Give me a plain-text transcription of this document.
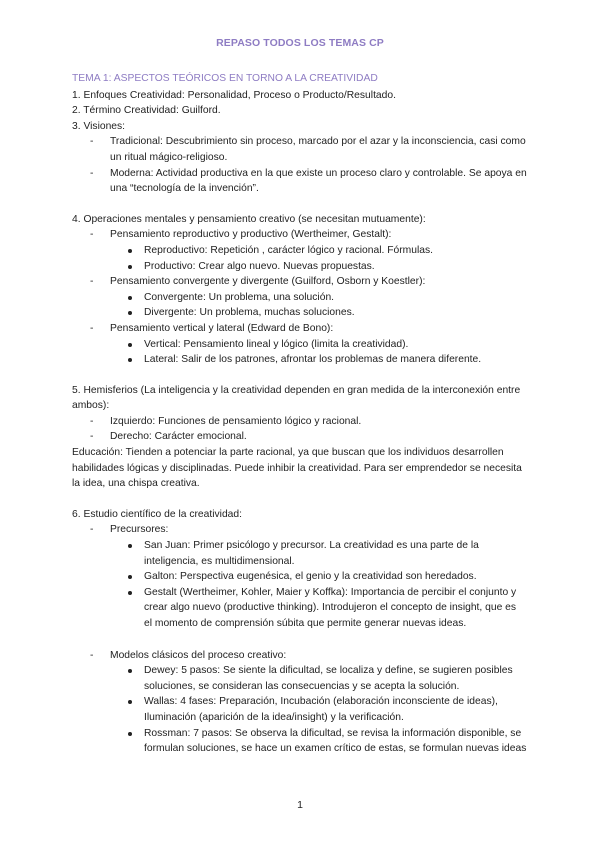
REPASO TODOS LOS TEMAS CP
TEMA 1: ASPECTOS TEÓRICOS EN TORNO A LA CREATIVIDAD
1. Enfoques Creatividad: Personalidad, Proceso o Producto/Resultado.
2. Término Creatividad: Guilford.
3. Visiones:
- Tradicional: Descubrimiento sin proceso, marcado por el azar y la inconsciencia, casi como
un ritual mágico-religioso.
- Moderna: Actividad productiva en la que existe un proceso claro y controlable. Se apoya en
una “tecnología de la invención”.
4. Operaciones mentales y pensamiento creativo (se necesitan mutuamente):
- Pensamiento reproductivo y productivo (Wertheimer, Gestalt):
Reproductivo: Repetición , carácter lógico y racional. Fórmulas.
Productivo: Crear algo nuevo. Nuevas propuestas.
- Pensamiento convergente y divergente (Guilford, Osborn y Koestler):
Convergente: Un problema, una solución.
Divergente: Un problema, muchas soluciones.
- Pensamiento vertical y lateral (Edward de Bono):
Vertical: Pensamiento lineal y lógico (limita la creatividad).
Lateral: Salir de los patrones, afrontar los problemas de manera diferente.
5. Hemisferios (La inteligencia y la creatividad dependen en gran medida de la interconexión entre
ambos):
- Izquierdo: Funciones de pensamiento lógico y racional.
- Derecho: Carácter emocional.
Educación: Tienden a potenciar la parte racional, ya que buscan que los individuos desarrollen
habilidades lógicas y disciplinadas. Puede inhibir la creatividad. Para ser emprendedor se necesita
la idea, una chispa creativa.
6. Estudio científico de la creatividad:
- Precursores:
San Juan: Primer psicólogo y precursor. La creatividad es una parte de la
inteligencia, es multidimensional.
Galton: Perspectiva eugenésica, el genio y la creatividad son heredados.
Gestalt (Wertheimer, Kohler, Maier y Koffka): Importancia de percibir el conjunto y
crear algo nuevo (productive thinking). Introdujeron el concepto de insight, que es
el momento de comprensión súbita que permite generar nuevas ideas.
- Modelos clásicos del proceso creativo:
Dewey: 5 pasos: Se siente la dificultad, se localiza y define, se sugieren posibles
soluciones, se consideran las consecuencias y se acepta la solución.
Wallas: 4 fases: Preparación, Incubación (elaboración inconsciente de ideas),
Iluminación (aparición de la idea/insight) y la verificación.
Rossman: 7 pasos: Se observa la dificultad, se revisa la información disponible, se
formulan soluciones, se hace un examen crítico de estas, se formulan nuevas ideas
1
